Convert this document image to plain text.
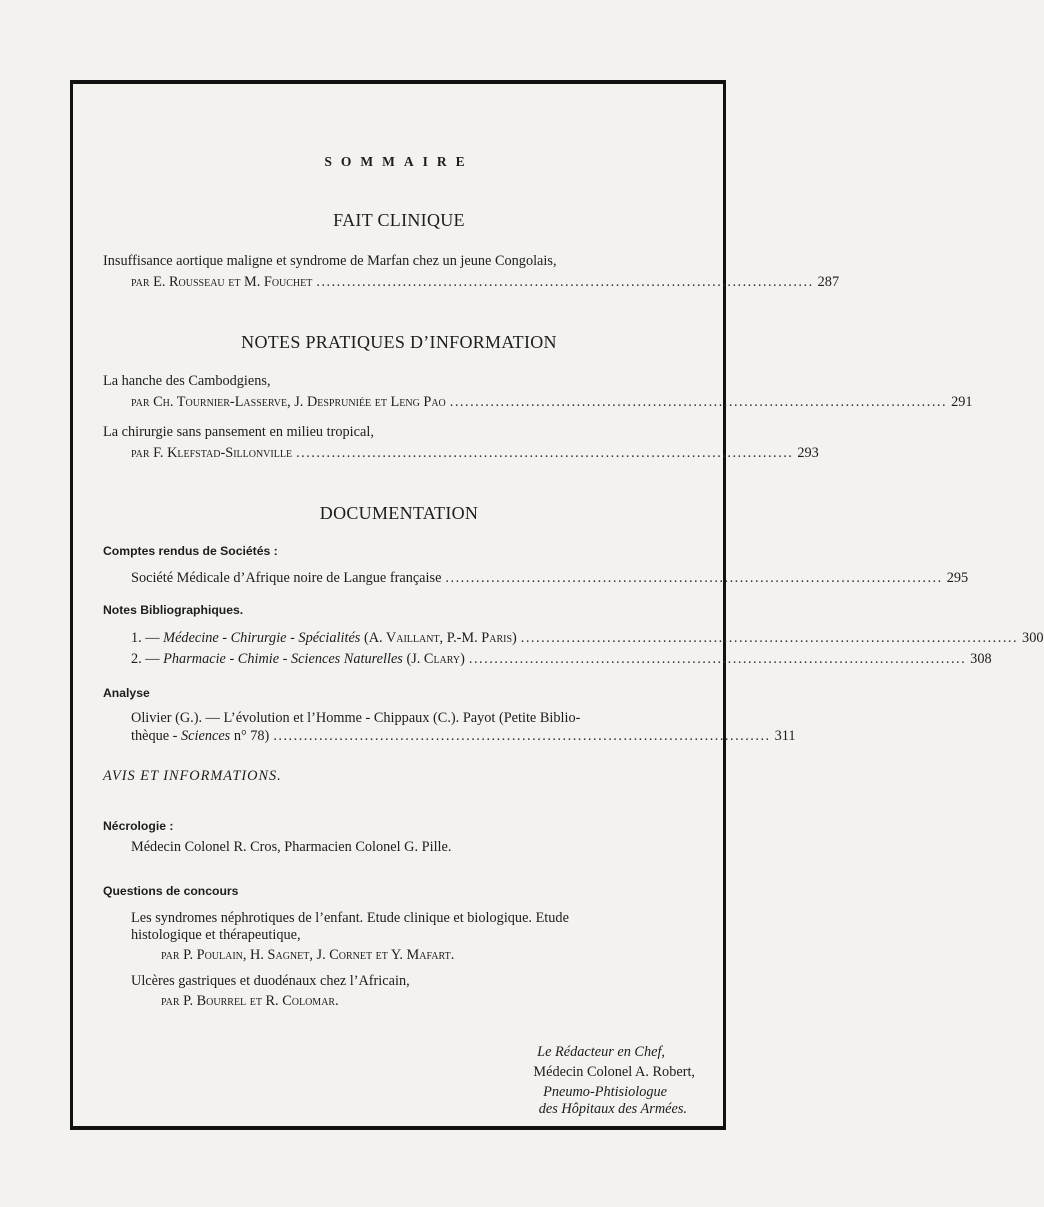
SOMMAIRE
FAIT CLINIQUE
Insuffisance aortique maligne et syndrome de Marfan chez un jeune Congolais,
par E. Rousseau et M. Fouchet .................................................................................................. 287
NOTES PRATIQUES D’INFORMATION
La hanche des Cambodgiens,
par Ch. Tournier-Lasserve, J. Despruniée et Leng Pao .................................................................................................. 291
La chirurgie sans pansement en milieu tropical,
par F. Klefstad-Sillonville .................................................................................................. 293
DOCUMENTATION
Comptes rendus de Sociétés :
Société Médicale d’Afrique noire de Langue française .................................................................................................. 295
Notes Bibliographiques.
1. —
Médecine - Chirurgie - Spécialités
(A. Vaillant, P.-M. Paris) .................................................................................................. 300
2. —
Pharmacie - Chimie - Sciences Naturelles
(J. Clary) .................................................................................................. 308
Analyse
Olivier (G.). — L’évolution et l’Homme - Chippaux (C.). Payot (Petite Biblio-
thèque - Sciences n° 78) .................................................................................................. 311
AVIS ET INFORMATIONS.
Nécrologie :
Médecin Colonel R. Cros, Pharmacien Colonel G. Pille.
Questions de concours
Les syndromes néphrotiques de l’enfant. Etude clinique et biologique. Etude
histologique et thérapeutique,
par P. Poulain, H. Sagnet, J. Cornet et Y. Mafart.
Ulcères gastriques et duodénaux chez l’Africain,
par P. Bourrel et R. Colomar.
Le Rédacteur en Chef,
Médecin Colonel A. Robert,
Pneumo-Phtisiologue
des Hôpitaux des Armées.
